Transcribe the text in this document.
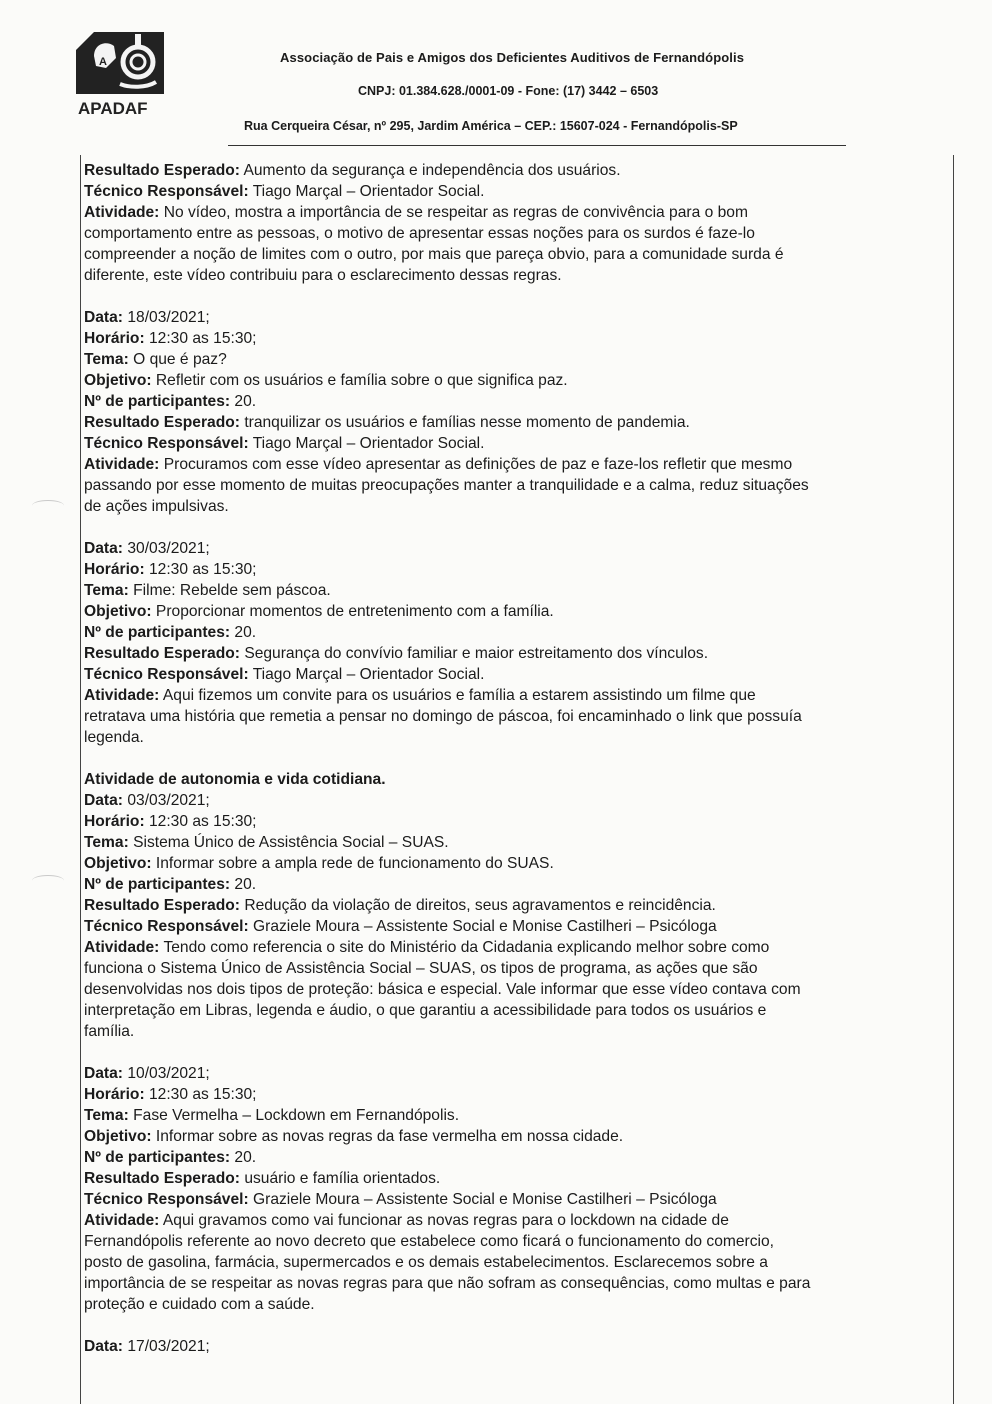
A
APADAF
Associação de Pais e Amigos dos Deficientes Auditivos de Fernandópolis
CNPJ: 01.384.628./0001-09 - Fone: (17) 3442 – 6503
Rua Cerqueira César, nº 295, Jardim América – CEP.: 15607-024 - Fernandópolis-SP

Resultado Esperado: Aumento da segurança e independência dos usuários.

Técnico Responsável: Tiago Marçal – Orientador Social.

Atividade: No vídeo, mostra a importância de se respeitar as regras de convivência para o bom

comportamento entre as pessoas, o motivo de apresentar essas noções para os surdos é faze-lo

compreender a noção de limites com o outro, por mais que pareça obvio, para a comunidade surda é

diferente, este vídeo contribuiu para o esclarecimento dessas regras.

Data: 18/03/2021;

Horário: 12:30 as 15:30;

Tema: O que é paz?

Objetivo: Refletir com os usuários e família sobre o que significa paz.

Nº de participantes: 20.

Resultado Esperado: tranquilizar os usuários e famílias nesse momento de pandemia.

Técnico Responsável: Tiago Marçal – Orientador Social.

Atividade: Procuramos com esse vídeo apresentar as definições de paz e faze-los refletir que mesmo

passando por esse momento de muitas preocupações manter a tranquilidade e a calma, reduz situações

de ações impulsivas.

Data: 30/03/2021;

Horário: 12:30 as 15:30;

Tema: Filme: Rebelde sem páscoa.

Objetivo: Proporcionar momentos de entretenimento com a família.

Nº de participantes: 20.

Resultado Esperado: Segurança do convívio familiar e maior estreitamento dos vínculos.

Técnico Responsável: Tiago Marçal – Orientador Social.

Atividade: Aqui fizemos um convite para os usuários e família a estarem assistindo um filme que

retratava uma história que remetia a pensar no domingo de páscoa, foi encaminhado o link que possuía

legenda.

Atividade de autonomia e vida cotidiana.

Data: 03/03/2021;

Horário: 12:30 as 15:30;

Tema: Sistema Único de Assistência Social – SUAS.

Objetivo: Informar sobre a ampla rede de funcionamento do SUAS.

Nº de participantes: 20.

Resultado Esperado: Redução da violação de direitos, seus agravamentos e reincidência.

Técnico Responsável: Graziele Moura – Assistente Social e Monise Castilheri – Psicóloga

Atividade: Tendo como referencia o site do Ministério da Cidadania explicando melhor sobre como

funciona o Sistema Único de Assistência Social – SUAS, os tipos de programa, as ações que são

desenvolvidas nos dois tipos de proteção: básica e especial. Vale informar que esse vídeo contava com

interpretação em Libras, legenda e áudio, o que garantiu a acessibilidade para todos os usuários e

família.

Data: 10/03/2021;

Horário: 12:30 as 15:30;

Tema: Fase Vermelha – Lockdown em Fernandópolis.

Objetivo: Informar sobre as novas regras da fase vermelha em nossa cidade.

Nº de participantes: 20.

Resultado Esperado: usuário e família orientados.

Técnico Responsável: Graziele Moura – Assistente Social e Monise Castilheri – Psicóloga

Atividade: Aqui gravamos como vai funcionar as novas regras para o lockdown na cidade de

Fernandópolis referente ao novo decreto que estabelece como ficará o funcionamento do comercio,

posto de gasolina, farmácia, supermercados e os demais estabelecimentos. Esclarecemos sobre a

importância de se respeitar as novas regras para que não sofram as consequências, como multas e para

proteção e cuidado com a saúde.

Data: 17/03/2021;
